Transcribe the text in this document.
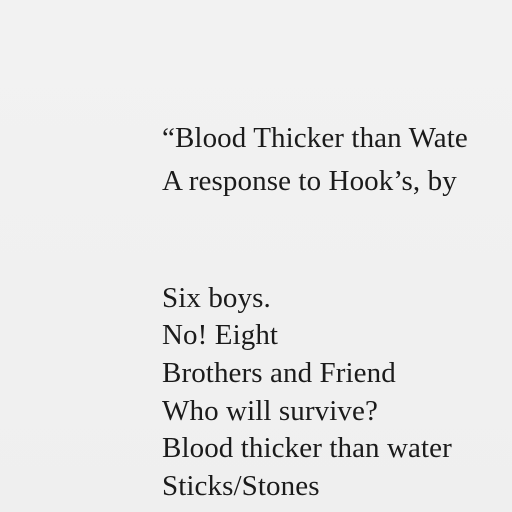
“Blood Thicker than Wate
A response to Hook’s, by
Six boys.
No! Eight
Brothers and Friend
Who will survive?
Blood thicker than water
Sticks/Stones
